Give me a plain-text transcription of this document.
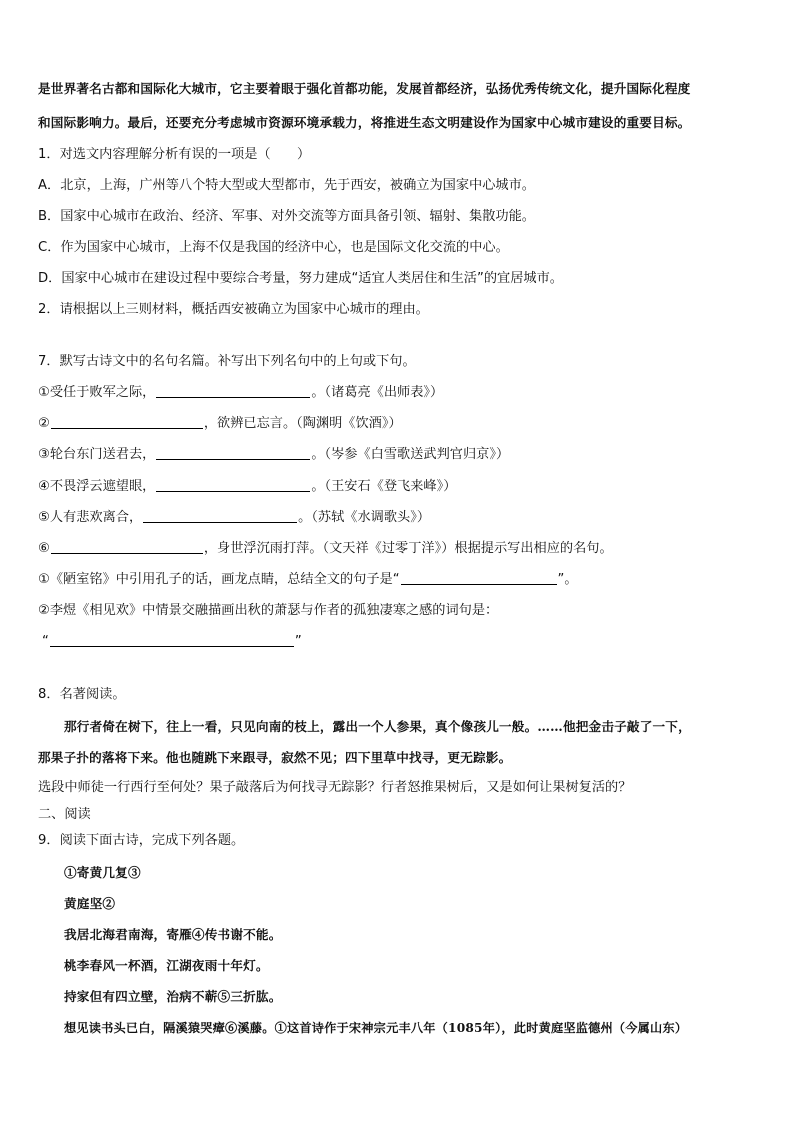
是世界著名古都和国际化大城市，它主要着眼于强化首都功能，发展首都经济，弘扬优秀传统文化，提升国际化程度
和国际影响力。最后，还要充分考虑城市资源环境承载力，将推进生态文明建设作为国家中心城市建设的重要目标。
1．对选文内容理解分析有误的一项是（　　）
A．北京，上海，广州等八个特大型或大型都市，先于西安，被确立为国家中心城市。
B．国家中心城市在政治、经济、军事、对外交流等方面具备引领、辐射、集散功能。
C．作为国家中心城市，上海不仅是我国的经济中心，也是国际文化交流的中心。
D．国家中心城市在建设过程中要综合考量，努力建成“适宜人类居住和生活”的宜居城市。
2．请根据以上三则材料，概括西安被确立为国家中心城市的理由。
7．默写古诗文中的名句名篇。补写出下列名句中的上句或下句。
①受任于败军之际，	。（诸葛亮《出师表》）
②	，欲辨已忘言。（陶渊明《饮酒》）
③轮台东门送君去，	。（岑参《白雪歌送武判官归京》）
④不畏浮云遮望眼，	。（王安石《登飞来峰》）
⑤人有悲欢离合，	。（苏轼《水调歌头》）
⑥	，身世浮沉雨打萍。（文天祥《过零丁洋》）根据提示写出相应的名句。
①《陋室铭》中引用孔子的话，画龙点睛，总结全文的句子是“	”。
②李煜《相见欢》中情景交融描画出秋的萧瑟与作者的孤独凄寒之感的词句是：
“	”
8．名著阅读。
那行者倚在树下，往上一看，只见向南的枝上，露出一个人参果，真个像孩儿一般。……他把金击子敲了一下，
那果子扑的落将下来。他也随跳下来跟寻，寂然不见；四下里草中找寻，更无踪影。
选段中师徒一行西行至何处？果子敲落后为何找寻无踪影？行者怒推果树后，又是如何让果树复活的？
二、阅读
9．阅读下面古诗，完成下列各题。
①寄黄几复③
黄庭坚②
我居北海君南海，寄雁④传书谢不能。
桃李春风一杯酒，江湖夜雨十年灯。
持家但有四立壁，治病不蕲⑤三折肱。
想见读书头已白，隔溪猿哭瘴⑥溪藤。①这首诗作于宋神宗元丰八年（1085年），此时黄庭坚监德州（今属山东）
